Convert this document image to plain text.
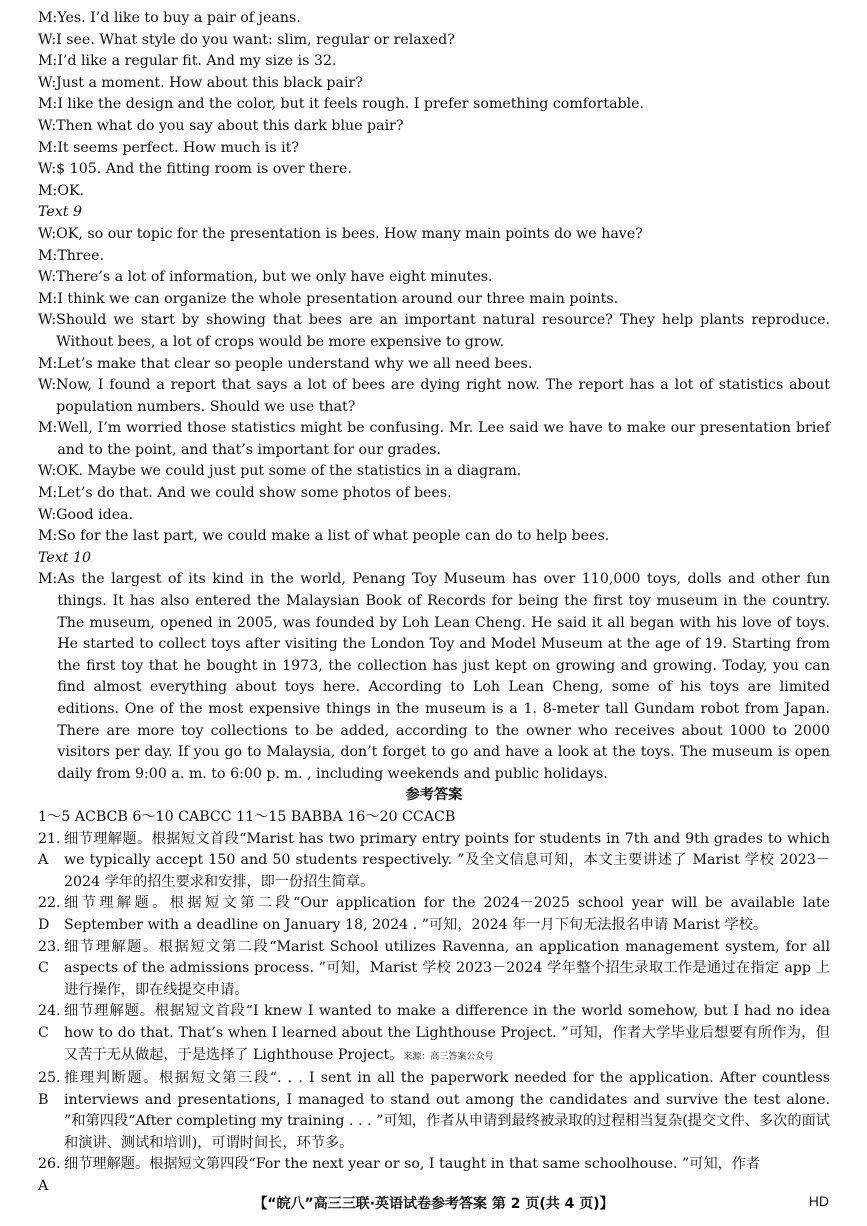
M: Yes. I’d like to buy a pair of jeans.
W: I see. What style do you want: slim, regular or relaxed?
M: I’d like a regular fit. And my size is 32.
W: Just a moment. How about this black pair?
M: I like the design and the color, but it feels rough. I prefer something comfortable.
W: Then what do you say about this dark blue pair?
M: It seems perfect. How much is it?
W: $ 105. And the fitting room is over there.
M: OK.
Text 9
W: OK, so our topic for the presentation is bees. How many main points do we have?
M: Three.
W: There’s a lot of information, but we only have eight minutes.
M: I think we can organize the whole presentation around our three main points.
W: Should we start by showing that bees are an important natural resource? They help plants reproduce. Without bees, a lot of crops would be more expensive to grow.
M: Let’s make that clear so people understand why we all need bees.
W: Now, I found a report that says a lot of bees are dying right now. The report has a lot of statistics about population numbers. Should we use that?
M: Well, I’m worried those statistics might be confusing. Mr. Lee said we have to make our presentation brief and to the point, and that’s important for our grades.
W: OK. Maybe we could just put some of the statistics in a diagram.
M: Let’s do that. And we could show some photos of bees.
W: Good idea.
M: So for the last part, we could make a list of what people can do to help bees.
Text 10
M: As the largest of its kind in the world, Penang Toy Museum has over 110,000 toys, dolls and other fun things. It has also entered the Malaysian Book of Records for being the first toy museum in the country. The museum, opened in 2005, was founded by Loh Lean Cheng. He said it all began with his love of toys. He started to collect toys after visiting the London Toy and Model Museum at the age of 19. Starting from the first toy that he bought in 1973, the collection has just kept on growing and growing. Today, you can find almost everything about toys here. According to Loh Lean Cheng, some of his toys are limited editions. One of the most expensive things in the museum is a 1. 8-meter tall Gundam robot from Japan. There are more toy collections to be added, according to the owner who receives about 1000 to 2000 visitors per day. If you go to Malaysia, don’t forget to go and have a look at the toys. The museum is open daily from 9:00 a. m. to 6:00 p. m. , including weekends and public holidays.
参考答案
1～5 ACBCB 6～10 CABCC 11～15 BABBA 16～20 CCACB
21. A
细节理解题。根据短文首段“Marist has two primary entry points for students in 7th and 9th grades to which we typically accept 150 and 50 students respectively. ”及全文信息可知，本文主要讲述了 Marist 学校 2023－2024 学年的招生要求和安排，即一份招生简章。
22. D
细节理解题。根据短文第二段“Our application for the 2024－2025 school year will be available late September with a deadline on January 18, 2024 . ”可知，2024 年一月下旬无法报名申请 Marist 学校。
23. C
细节理解题。根据短文第二段“Marist School utilizes Ravenna, an application management system, for all aspects of the admissions process. ”可知，Marist 学校 2023－2024 学年整个招生录取工作是通过在指定 app 上进行操作，即在线提交申请。
24. C
细节理解题。根据短文首段“I knew I wanted to make a difference in the world somehow, but I had no idea how to do that. That’s when I learned about the Lighthouse Project. ”可知，作者大学毕业后想要有所作为，但又苦于无从做起，于是选择了 Lighthouse Project。来源：高三答案公众号
25. B
推理判断题。根据短文第三段“. . . I sent in all the paperwork needed for the application. After countless interviews and presentations, I managed to stand out among the candidates and survive the test alone. ”和第四段“After completing my training . . . ”可知，作者从申请到最终被录取的过程相当复杂(提交文件、多次的面试和演讲、测试和培训)，可谓时间长，环节多。
26. A
细节理解题。根据短文第四段“For the next year or so, I taught in that same schoolhouse. ”可知，作者
【“皖八”高三三联·英语试卷参考答案 第 2 页(共 4 页)】	HD
